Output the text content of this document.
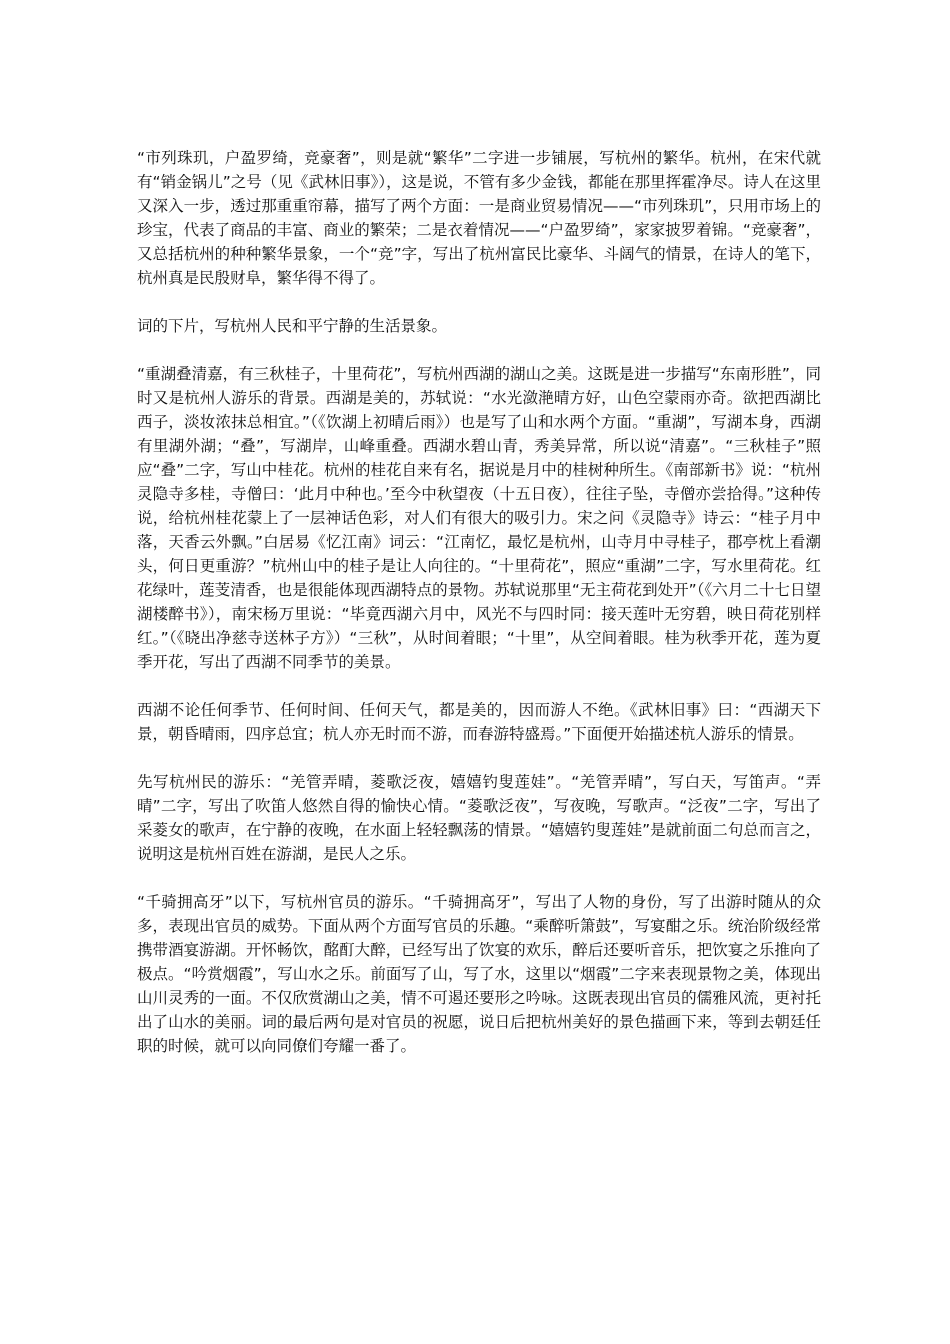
“市列珠玑，户盈罗绮，竞豪奢”，则是就“繁华”二字进一步铺展，写杭州的繁华。杭州，在宋代就有“销金锅儿”之号（见《武林旧事》），这是说，不管有多少金钱，都能在那里挥霍净尽。诗人在这里又深入一步，透过那重重帘幕，描写了两个方面：一是商业贸易情况——“市列珠玑”，只用市场上的珍宝，代表了商品的丰富、商业的繁荣；二是衣着情况——“户盈罗绮”，家家披罗着锦。“竞豪奢”，又总括杭州的种种繁华景象，一个“竞”字，写出了杭州富民比豪华、斗阔气的情景，在诗人的笔下，杭州真是民殷财阜，繁华得不得了。

词的下片，写杭州人民和平宁静的生活景象。

“重湖叠清嘉，有三秋桂子，十里荷花”，写杭州西湖的湖山之美。这既是进一步描写“东南形胜”，同时又是杭州人游乐的背景。西湖是美的，苏轼说：“水光潋滟晴方好，山色空蒙雨亦奇。欲把西湖比西子，淡妆浓抹总相宜。”（《饮湖上初晴后雨》）也是写了山和水两个方面。“重湖”，写湖本身，西湖有里湖外湖；“叠”，写湖岸，山峰重叠。西湖水碧山青，秀美异常，所以说“清嘉”。“三秋桂子”照应“叠”二字，写山中桂花。杭州的桂花自来有名，据说是月中的桂树种所生。《南部新书》说：“杭州灵隐寺多桂，寺僧曰：‘此月中种也。’至今中秋望夜（十五日夜），往往子坠，寺僧亦尝拾得。”这种传说，给杭州桂花蒙上了一层神话色彩，对人们有很大的吸引力。宋之问《灵隐寺》诗云：“桂子月中落，天香云外飘。”白居易《忆江南》词云：“江南忆，最忆是杭州，山寺月中寻桂子，郡亭枕上看潮头，何日更重游？”杭州山中的桂子是让人向往的。“十里荷花”，照应“重湖”二字，写水里荷花。红花绿叶，莲芰清香，也是很能体现西湖特点的景物。苏轼说那里“无主荷花到处开”（《六月二十七日望湖楼醉书》），南宋杨万里说：“毕竟西湖六月中，风光不与四时同：接天莲叶无穷碧，映日荷花别样红。”（《晓出净慈寺送林子方》）“三秋”，从时间着眼；“十里”，从空间着眼。桂为秋季开花，莲为夏季开花，写出了西湖不同季节的美景。

西湖不论任何季节、任何时间、任何天气，都是美的，因而游人不绝。《武林旧事》曰：“西湖天下景，朝昏晴雨，四序总宜；杭人亦无时而不游，而春游特盛焉。”下面便开始描述杭人游乐的情景。

先写杭州民的游乐：“羌管弄晴，菱歌泛夜，嬉嬉钓叟莲娃”。“羌管弄晴”，写白天，写笛声。“弄晴”二字，写出了吹笛人悠然自得的愉快心情。“菱歌泛夜”，写夜晚，写歌声。“泛夜”二字，写出了采菱女的歌声，在宁静的夜晚，在水面上轻轻飘荡的情景。“嬉嬉钓叟莲娃”是就前面二句总而言之，说明这是杭州百姓在游湖，是民人之乐。

“千骑拥高牙”以下，写杭州官员的游乐。“千骑拥高牙”，写出了人物的身份，写了出游时随从的众多，表现出官员的威势。下面从两个方面写官员的乐趣。“乘醉听箫鼓”，写宴酣之乐。统治阶级经常携带酒宴游湖。开怀畅饮，酩酊大醉，已经写出了饮宴的欢乐，醉后还要听音乐，把饮宴之乐推向了极点。“吟赏烟霞”，写山水之乐。前面写了山，写了水，这里以“烟霞”二字来表现景物之美，体现出山川灵秀的一面。不仅欣赏湖山之美，情不可遏还要形之吟咏。这既表现出官员的儒雅风流，更衬托出了山水的美丽。词的最后两句是对官员的祝愿，说日后把杭州美好的景色描画下来，等到去朝廷任职的时候，就可以向同僚们夸耀一番了。
